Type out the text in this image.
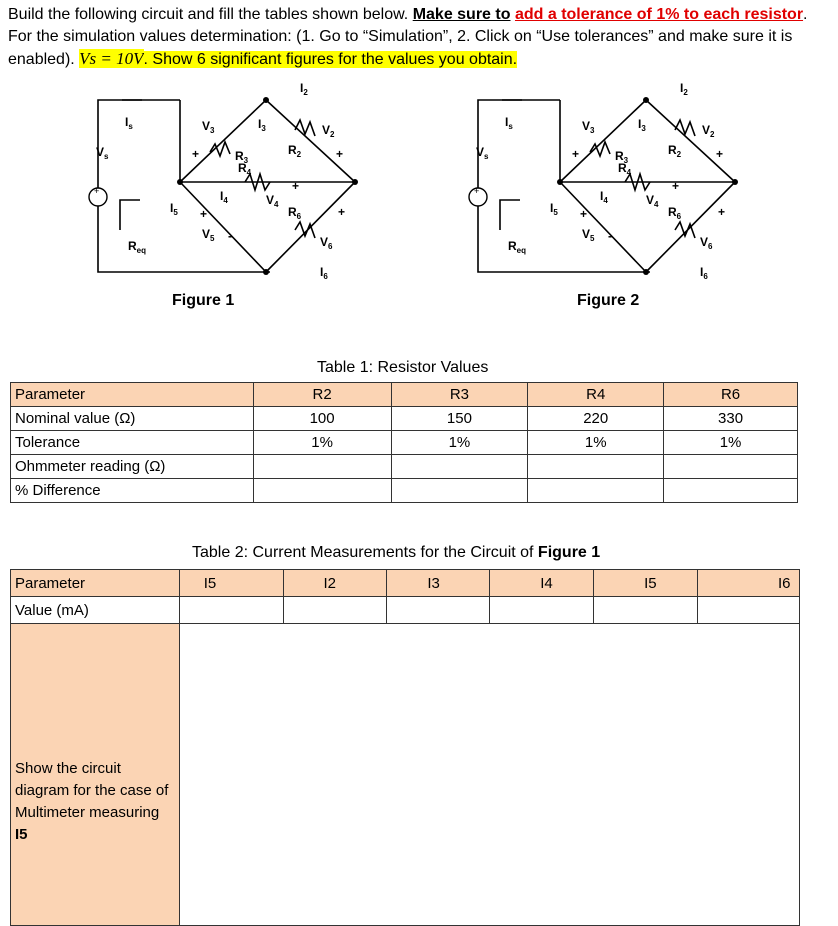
Build the following circuit and fill the tables shown below. Make sure to add a tolerance of 1% to each resistor. For the simulation values determination: (1. Go to “Simulation”, 2. Click on “Use tolerances” and make sure it is enabled). Vs = 10V. Show 6 significant figures for the values you obtain.
+
$I_s$
$V_s$
$R_{eq}$
$V_3$
$R_3$
$I_3$
$I_2$
$R_2$
$V_2$
$R_4$
$V_4$
$I_4$
$I_5$
$V_5$
$R_6$
$V_6$
$I_6$
+	+
+
+	+
-
Figure 1
+
$I_s$
$V_s$
$R_{eq}$
$V_3$
$R_3$
$I_3$
$I_2$
$R_2$
$V_2$
$R_4$
$V_4$
$I_4$
$I_5$
$V_5$
$R_6$
$V_6$
$I_6$
+	+
+
+	+
-
Figure 2
Table 1: Resistor Values
Parameter	R2	R3	R4	R6
Nominal value (Ω)	100	150	220	330
Tolerance	1%	1%	1%	1%
Ohmmeter reading (Ω)				
% Difference				
Table 2: Current Measurements for the Circuit of Figure 1
Parameter	I5	I2	I3	I4	I5	I6
Value (mA)						
Show the circuit diagram for the case of Multimeter measuring I5						
